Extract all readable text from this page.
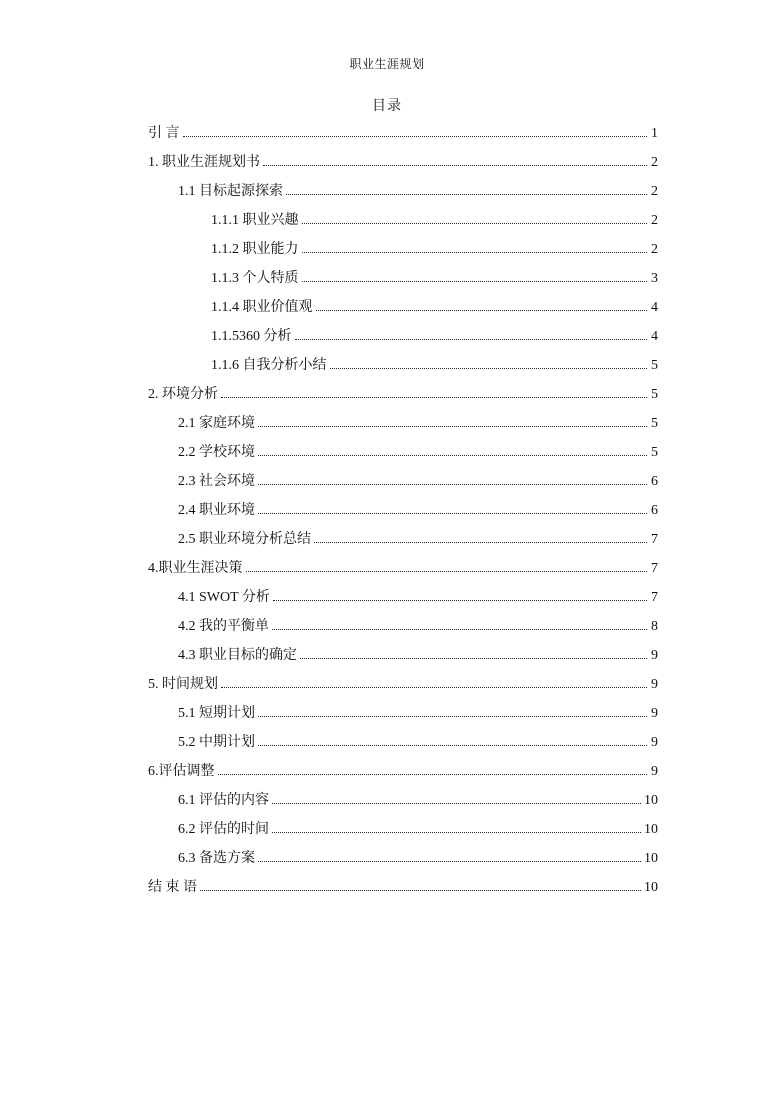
职业生涯规划
目录
引 言	1
1. 职业生涯规划书	2
1.1 目标起源探索	2
1.1.1 职业兴趣	2
1.1.2 职业能力	2
1.1.3 个人特质	3
1.1.4 职业价值观	4
1.1.5360 分析	4
1.1.6 自我分析小结	5
2. 环境分析	5
2.1 家庭环境	5
2.2 学校环境	5
2.3 社会环境	6
2.4 职业环境	6
2.5 职业环境分析总结	7
4.职业生涯决策	7
4.1 SWOT 分析	7
4.2 我的平衡单	8
4.3 职业目标的确定	9
5. 时间规划	9
5.1 短期计划	9
5.2 中期计划	9
6.评估调整	9
6.1 评估的内容	10
6.2 评估的时间	10
6.3 备选方案	10
结 束 语	10
